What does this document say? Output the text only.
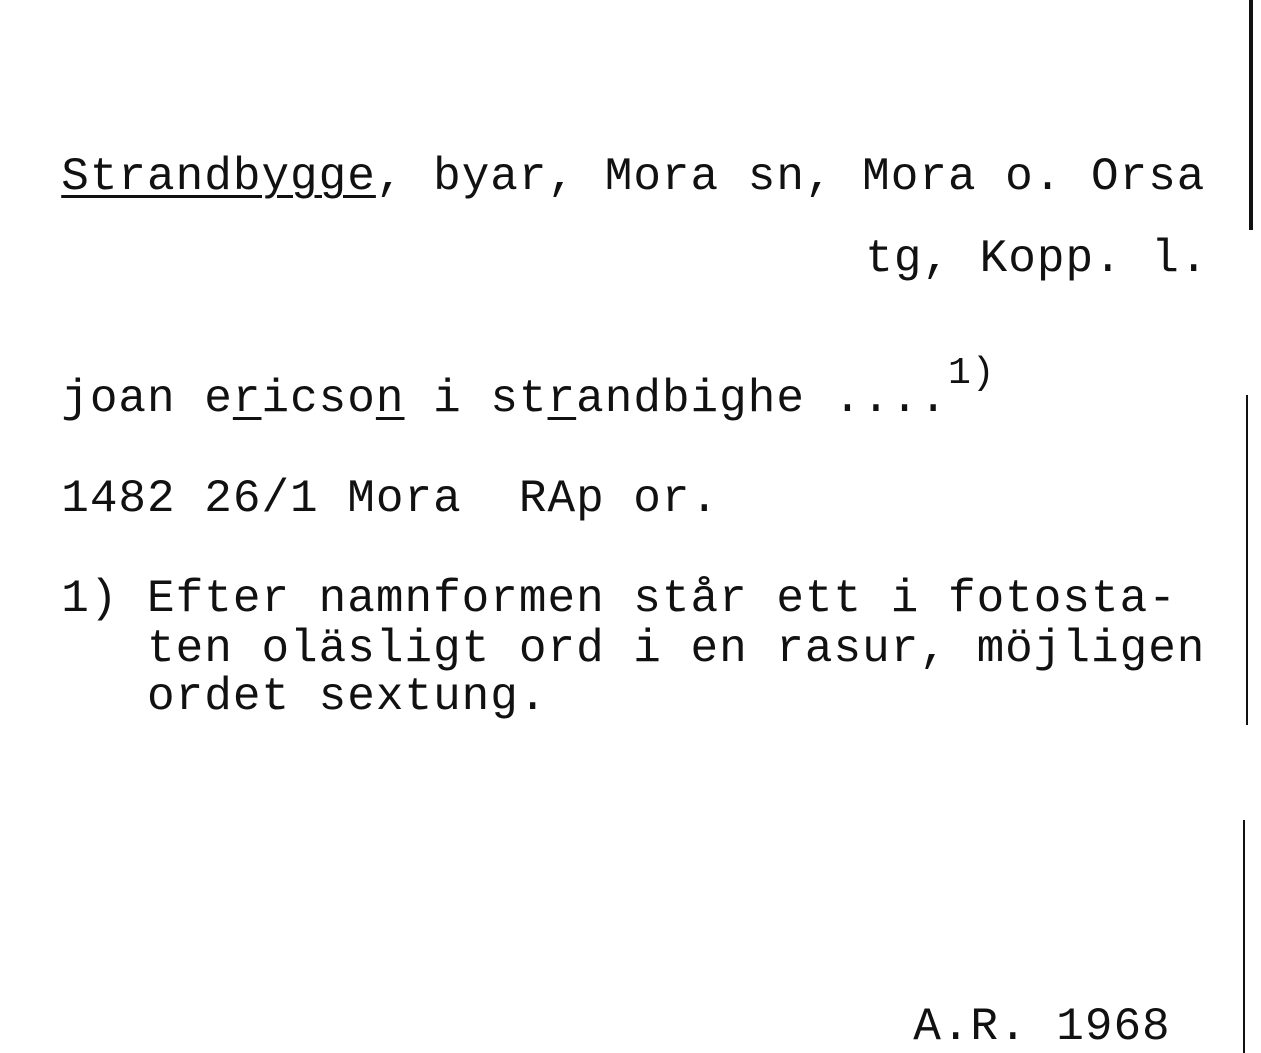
Strandbygge, byar, Mora sn, Mora o. Orsa

tg, Kopp. l.

joan ericson i strandbighe ....$^{1)}$

1482 26/1 Mora  RAp or.

1) Efter namnformen står ett i fotosta-

ten oläsligt ord i en rasur, möjligen

ordet sextung.

A.R. 1968
